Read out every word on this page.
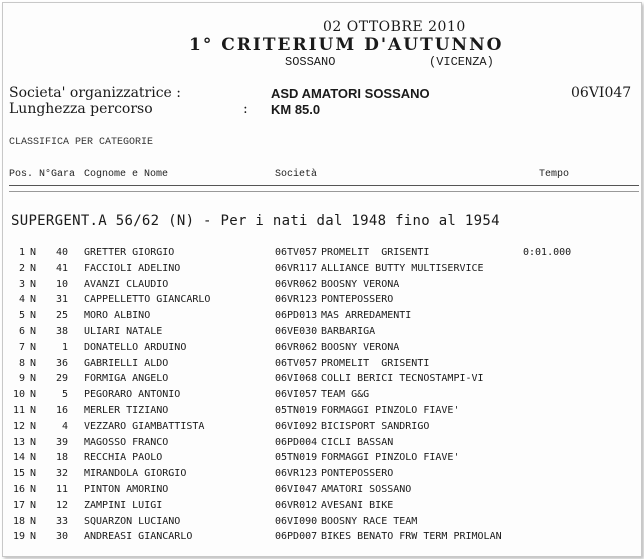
02 OTTOBRE 2010
1° CRITERIUM D'AUTUNNO
SOSSANO	(VICENZA)
Societa' organizzatrice :	ASD AMATORI SOSSANO	06VI047
Lunghezza percorso	: KM 85.0
CLASSIFICA PER CATEGORIE
Pos. N°Gara Cognome e Nome	Società	Tempo
SUPERGENT.A 56/62 (N) - Per i nati dal 1948 fino al 1954
1 N	40 GRETTER GIORGIO	06TV057 PROMELIT  GRISENTI	0:01.000
2 N	41 FACCIOLI ADELINO	06VR117 ALLIANCE BUTTY MULTISERVICE
3 N	10 AVANZI CLAUDIO	06VR062 BOOSNY VERONA
4 N	31 CAPPELLETTO GIANCARLO	06VR123 PONTEPOSSERO
5 N	25 MORO ALBINO	06PD013 MAS ARREDAMENTI
6 N	38 ULIARI NATALE	06VE030 BARBARIGA
7 N	1 DONATELLO ARDUINO	06VR062 BOOSNY VERONA
8 N	36 GABRIELLI ALDO	06TV057 PROMELIT  GRISENTI
9 N	29 FORMIGA ANGELO	06VI068 COLLI BERICI TECNOSTAMPI-VI
10 N	5 PEGORARO ANTONIO	06VI057 TEAM G&G
11 N	16 MERLER TIZIANO	05TN019 FORMAGGI PINZOLO FIAVE'
12 N	4 VEZZARO GIAMBATTISTA	06VI092 BICISPORT SANDRIGO
13 N	39 MAGOSSO FRANCO	06PD004 CICLI BASSAN
14 N	18 RECCHIA PAOLO	05TN019 FORMAGGI PINZOLO FIAVE'
15 N	32 MIRANDOLA GIORGIO	06VR123 PONTEPOSSERO
16 N	11 PINTON AMORINO	06VI047 AMATORI SOSSANO
17 N	12 ZAMPINI LUIGI	06VR012 AVESANI BIKE
18 N	33 SQUARZON LUCIANO	06VI090 BOOSNY RACE TEAM
19 N	30 ANDREASI GIANCARLO	06PD007 BIKES BENATO FRW TERM PRIMOLAN
